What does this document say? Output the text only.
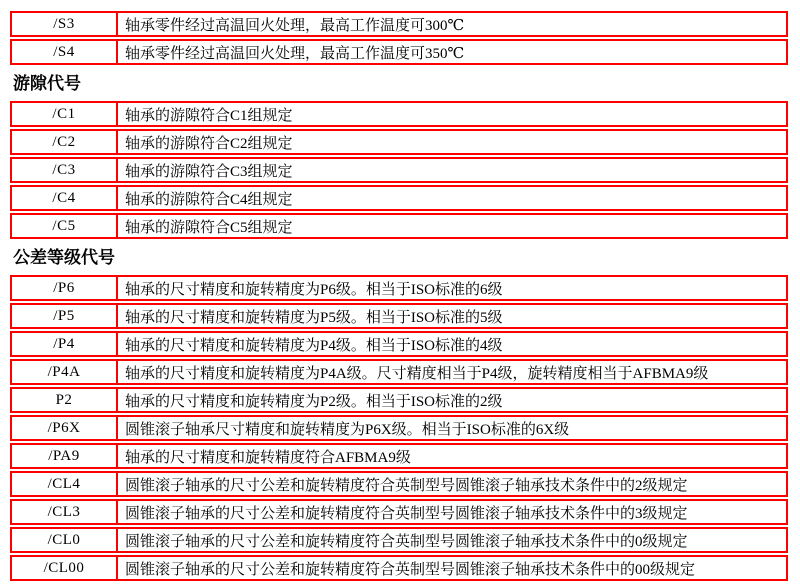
/S3	轴承零件经过高温回火处理，最高工作温度可300℃
/S4	轴承零件经过高温回火处理，最高工作温度可350℃
游隙代号
/C1	轴承的游隙符合C1组规定
/C2	轴承的游隙符合C2组规定
/C3	轴承的游隙符合C3组规定
/C4	轴承的游隙符合C4组规定
/C5	轴承的游隙符合C5组规定
公差等级代号
/P6	轴承的尺寸精度和旋转精度为P6级。相当于ISO标准的6级
/P5	轴承的尺寸精度和旋转精度为P5级。相当于ISO标准的5级
/P4	轴承的尺寸精度和旋转精度为P4级。相当于ISO标准的4级
/P4A	轴承的尺寸精度和旋转精度为P4A级。尺寸精度相当于P4级，旋转精度相当于AFBMA9级
P2	轴承的尺寸精度和旋转精度为P2级。相当于ISO标准的2级
/P6X	圆锥滚子轴承尺寸精度和旋转精度为P6X级。相当于ISO标准的6X级
/PA9	轴承的尺寸精度和旋转精度符合AFBMA9级
/CL4	圆锥滚子轴承的尺寸公差和旋转精度符合英制型号圆锥滚子轴承技术条件中的2级规定
/CL3	圆锥滚子轴承的尺寸公差和旋转精度符合英制型号圆锥滚子轴承技术条件中的3级规定
/CL0	圆锥滚子轴承的尺寸公差和旋转精度符合英制型号圆锥滚子轴承技术条件中的0级规定
/CL00	圆锥滚子轴承的尺寸公差和旋转精度符合英制型号圆锥滚子轴承技术条件中的00级规定
